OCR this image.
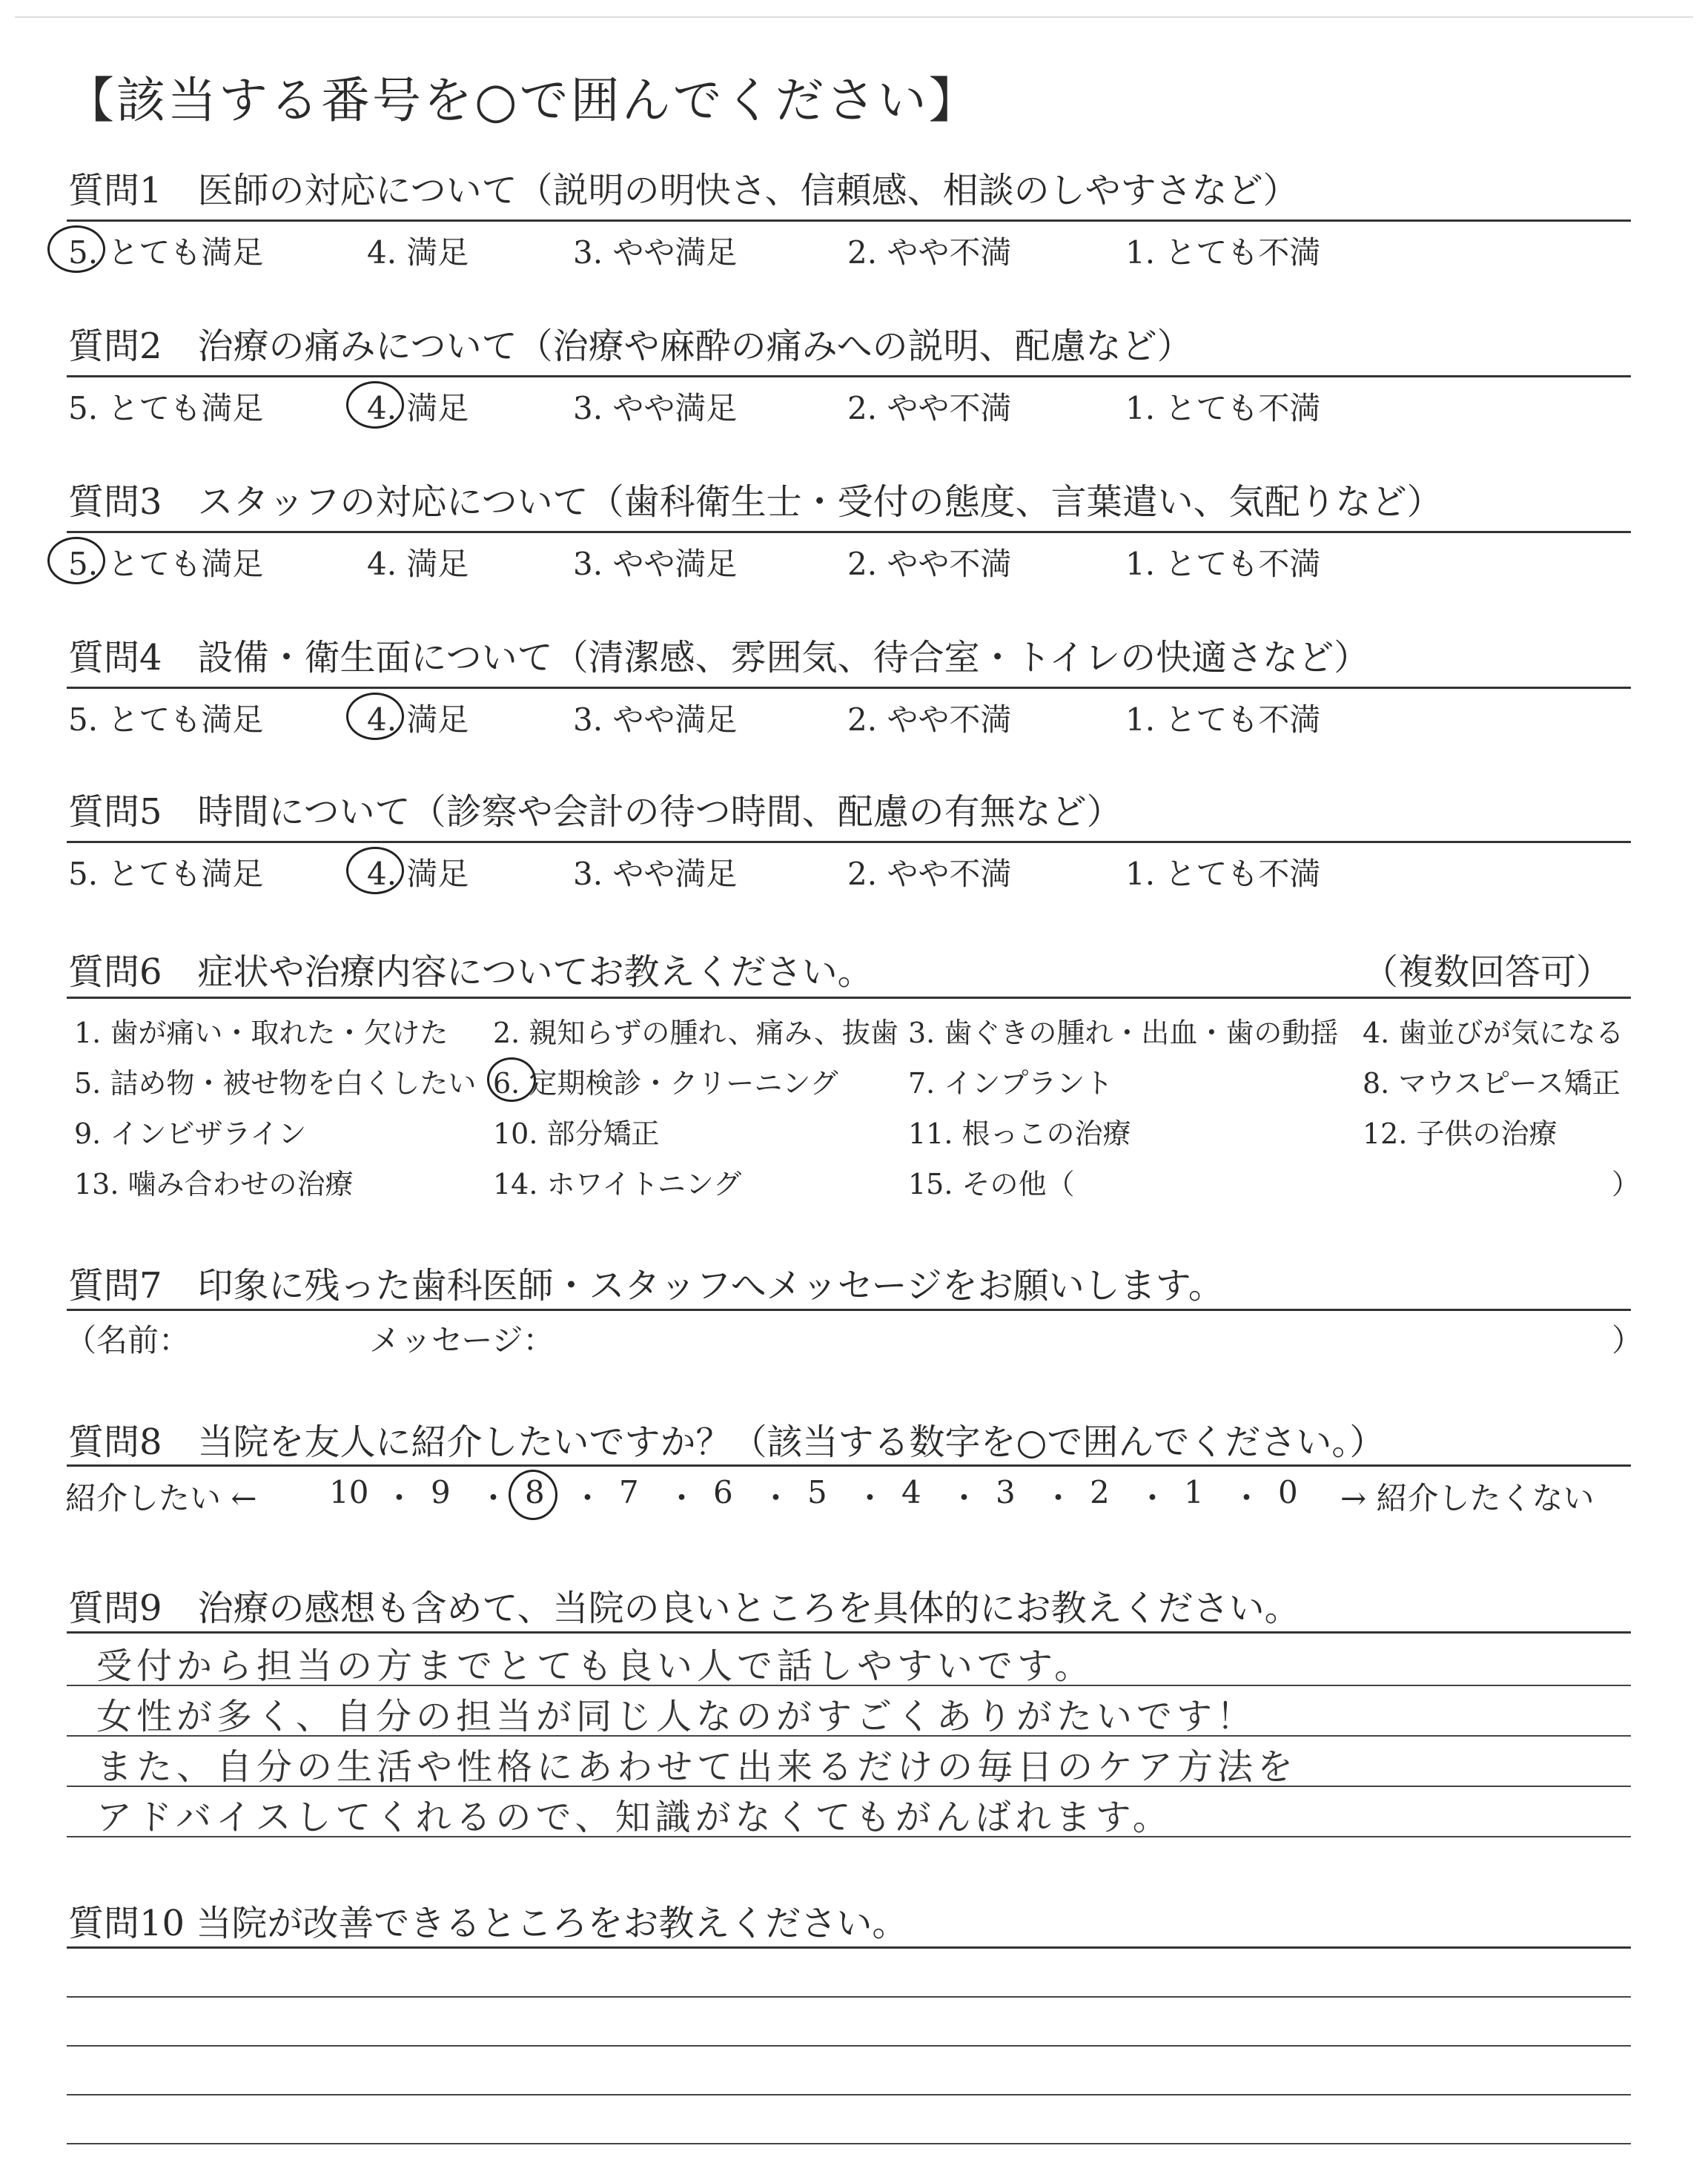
【該当する番号を○で囲んでください】
質問1　医師の対応について（説明の明快さ、信頼感、相談のしやすさなど）
5. とても満足	4. 満足	3. やや満足	2. やや不満	1. とても不満
質問2　治療の痛みについて（治療や麻酔の痛みへの説明、配慮など）
5. とても満足	4. 満足	3. やや満足	2. やや不満	1. とても不満
質問3　スタッフの対応について（歯科衛生士・受付の態度、言葉遣い、気配りなど）
5. とても満足	4. 満足	3. やや満足	2. やや不満	1. とても不満
質問4　設備・衛生面について（清潔感、雰囲気、待合室・トイレの快適さなど）
5. とても満足	4. 満足	3. やや満足	2. やや不満	1. とても不満
質問5　時間について（診察や会計の待つ時間、配慮の有無など）
5. とても満足	4. 満足	3. やや満足	2. やや不満	1. とても不満
質問6　症状や治療内容についてお教えください。	（複数回答可）
1. 歯が痛い・取れた・欠けた 2. 親知らずの腫れ、痛み、抜歯 3. 歯ぐきの腫れ・出血・歯の動揺 4. 歯並びが気になる
5. 詰め物・被せ物を白くしたい 6. 定期検診・クリーニング 7. インプラント	8. マウスピース矯正
9. インビザライン	10. 部分矯正	11. 根っこの治療	12. 子供の治療
13. 噛み合わせの治療	14. ホワイトニング	15. その他（	）
質問7　印象に残った歯科医師・スタッフへメッセージをお願いします。
（名前：	メッセージ：	）
質問8　当院を友人に紹介したいですか？（該当する数字を○で囲んでください。）
紹介したい ←	→ 紹介したくない
10 ・ 9 ・ 8 ・ 7 ・ 6 ・ 5 ・ 4 ・ 3 ・ 2 ・ 1 ・ 0
質問9　治療の感想も含めて、当院の良いところを具体的にお教えください。
受付から担当の方までとても良い人で話しやすいです。
女性が多く、自分の担当が同じ人なのがすごくありがたいです！
また、自分の生活や性格にあわせて出来るだけの毎日のケア方法を
アドバイスしてくれるので、知識がなくてもがんばれます。
質問10 当院が改善できるところをお教えください。
